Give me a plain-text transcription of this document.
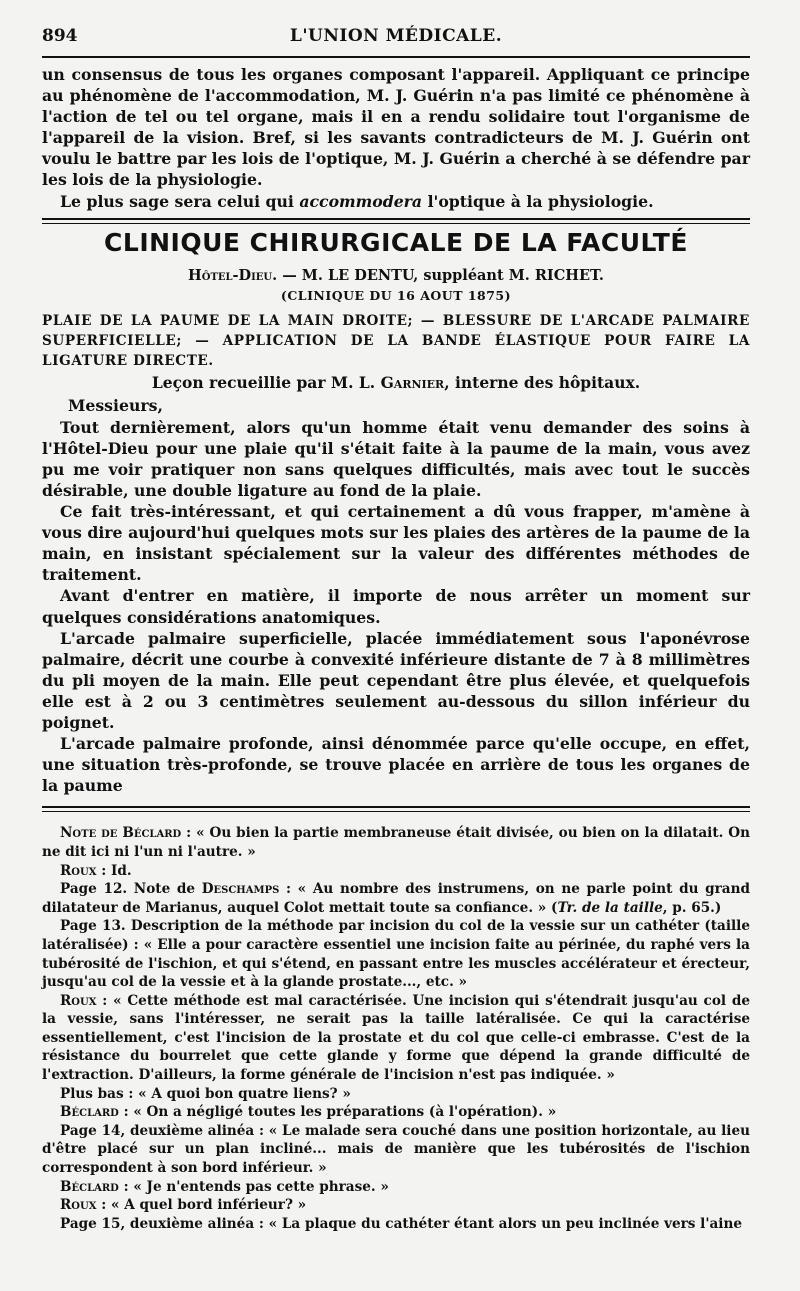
894	L'UNION MÉDICALE.

un consensus de tous les organes composant l'appareil. Appliquant ce principe au phénomène de l'accommodation, M. J. Guérin n'a pas limité ce phénomène à l'action de tel ou tel organe, mais il en a rendu solidaire tout l'organisme de l'appareil de la vision. Bref, si les savants contradicteurs de M. J. Guérin ont voulu le battre par les lois de l'optique, M. J. Guérin a cherché à se défendre par les lois de la physiologie.

Le plus sage sera celui qui accommodera l'optique à la physiologie.

CLINIQUE CHIRURGICALE DE LA FACULTÉ
Hôtel-Dieu. — M. LE DENTU, suppléant M. RICHET.
(CLINIQUE DU 16 AOUT 1875)
PLAIE DE LA PAUME DE LA MAIN DROITE; — BLESSURE DE L'ARCADE PALMAIRE SUPERFICIELLE; — APPLICATION DE LA BANDE ÉLASTIQUE POUR FAIRE LA LIGATURE DIRECTE.
Leçon recueillie par M. L. Garnier, interne des hôpitaux.
Messieurs,

Tout dernièrement, alors qu'un homme était venu demander des soins à l'Hôtel-Dieu pour une plaie qu'il s'était faite à la paume de la main, vous avez pu me voir pratiquer non sans quelques difficultés, mais avec tout le succès désirable, une double ligature au fond de la plaie.

Ce fait très-intéressant, et qui certainement a dû vous frapper, m'amène à vous dire aujourd'hui quelques mots sur les plaies des artères de la paume de la main, en insistant spécialement sur la valeur des différentes méthodes de traitement.

Avant d'entrer en matière, il importe de nous arrêter un moment sur quelques considérations anatomiques.

L'arcade palmaire superficielle, placée immédiatement sous l'aponévrose palmaire, décrit une courbe à convexité inférieure distante de 7 à 8 millimètres du pli moyen de la main. Elle peut cependant être plus élevée, et quelquefois elle est à 2 ou 3 centimètres seulement au-dessous du sillon inférieur du poignet.

L'arcade palmaire profonde, ainsi dénommée parce qu'elle occupe, en effet, une situation très-profonde, se trouve placée en arrière de tous les organes de la paume

Note de Béclard : « Ou bien la partie membraneuse était divisée, ou bien on la dilatait. On ne dit ici ni l'un ni l'autre. »

Roux : Id.

Page 12. Note de Deschamps : « Au nombre des instrumens, on ne parle point du grand dilatateur de Marianus, auquel Colot mettait toute sa confiance. » (Tr. de la taille, p. 65.)

Page 13. Description de la méthode par incision du col de la vessie sur un cathéter (taille latéralisée) : « Elle a pour caractère essentiel une incision faite au périnée, du raphé vers la tubérosité de l'ischion, et qui s'étend, en passant entre les muscles accélérateur et érecteur, jusqu'au col de la vessie et à la glande prostate..., etc. »

Roux : « Cette méthode est mal caractérisée. Une incision qui s'étendrait jusqu'au col de la vessie, sans l'intéresser, ne serait pas la taille latéralisée. Ce qui la caractérise essentiellement, c'est l'incision de la prostate et du col que celle-ci embrasse. C'est de la résistance du bourrelet que cette glande y forme que dépend la grande difficulté de l'extraction. D'ailleurs, la forme générale de l'incision n'est pas indiquée. »

Plus bas : « A quoi bon quatre liens? »

Béclard : « On a négligé toutes les préparations (à l'opération). »

Page 14, deuxième alinéa : « Le malade sera couché dans une position horizontale, au lieu d'être placé sur un plan incliné... mais de manière que les tubérosités de l'ischion correspondent à son bord inférieur. »

Béclard : « Je n'entends pas cette phrase. »

Roux : « A quel bord inférieur? »

Page 15, deuxième alinéa : « La plaque du cathéter étant alors un peu inclinée vers l'aine
